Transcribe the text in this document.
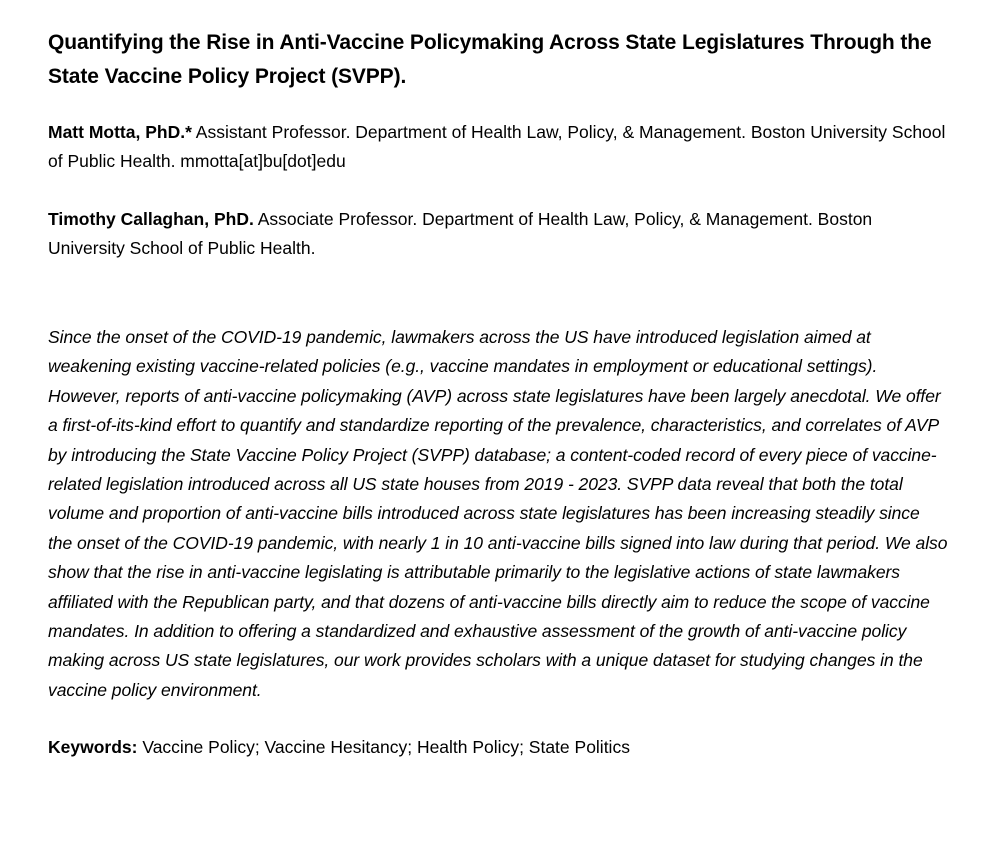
Quantifying the Rise in Anti-Vaccine Policymaking Across State Legislatures Through the State Vaccine Policy Project (SVPP).

Matt Motta, PhD.* Assistant Professor. Department of Health Law, Policy, & Management. Boston University School of Public Health. mmotta[at]bu[dot]edu

Timothy Callaghan, PhD. Associate Professor. Department of Health Law, Policy, & Management. Boston University School of Public Health.

Since the onset of the COVID-19 pandemic, lawmakers across the US have introduced legislation aimed at weakening existing vaccine-related policies (e.g., vaccine mandates in employment or educational settings). However, reports of anti-vaccine policymaking (AVP) across state legislatures have been largely anecdotal. We offer a first-of-its-kind effort to quantify and standardize reporting of the prevalence, characteristics, and correlates of AVP by introducing the State Vaccine Policy Project (SVPP) database; a content-coded record of every piece of vaccine-related legislation introduced across all US state houses from 2019 - 2023. SVPP data reveal that both the total volume and proportion of anti-vaccine bills introduced across state legislatures has been increasing steadily since the onset of the COVID-19 pandemic, with nearly 1 in 10 anti-vaccine bills signed into law during that period. We also show that the rise in anti-vaccine legislating is attributable primarily to the legislative actions of state lawmakers affiliated with the Republican party, and that dozens of anti-vaccine bills directly aim to reduce the scope of vaccine mandates. In addition to offering a standardized and exhaustive assessment of the growth of anti-vaccine policy making across US state legislatures, our work provides scholars with a unique dataset for studying changes in the vaccine policy environment.

Keywords: Vaccine Policy; Vaccine Hesitancy; Health Policy; State Politics
